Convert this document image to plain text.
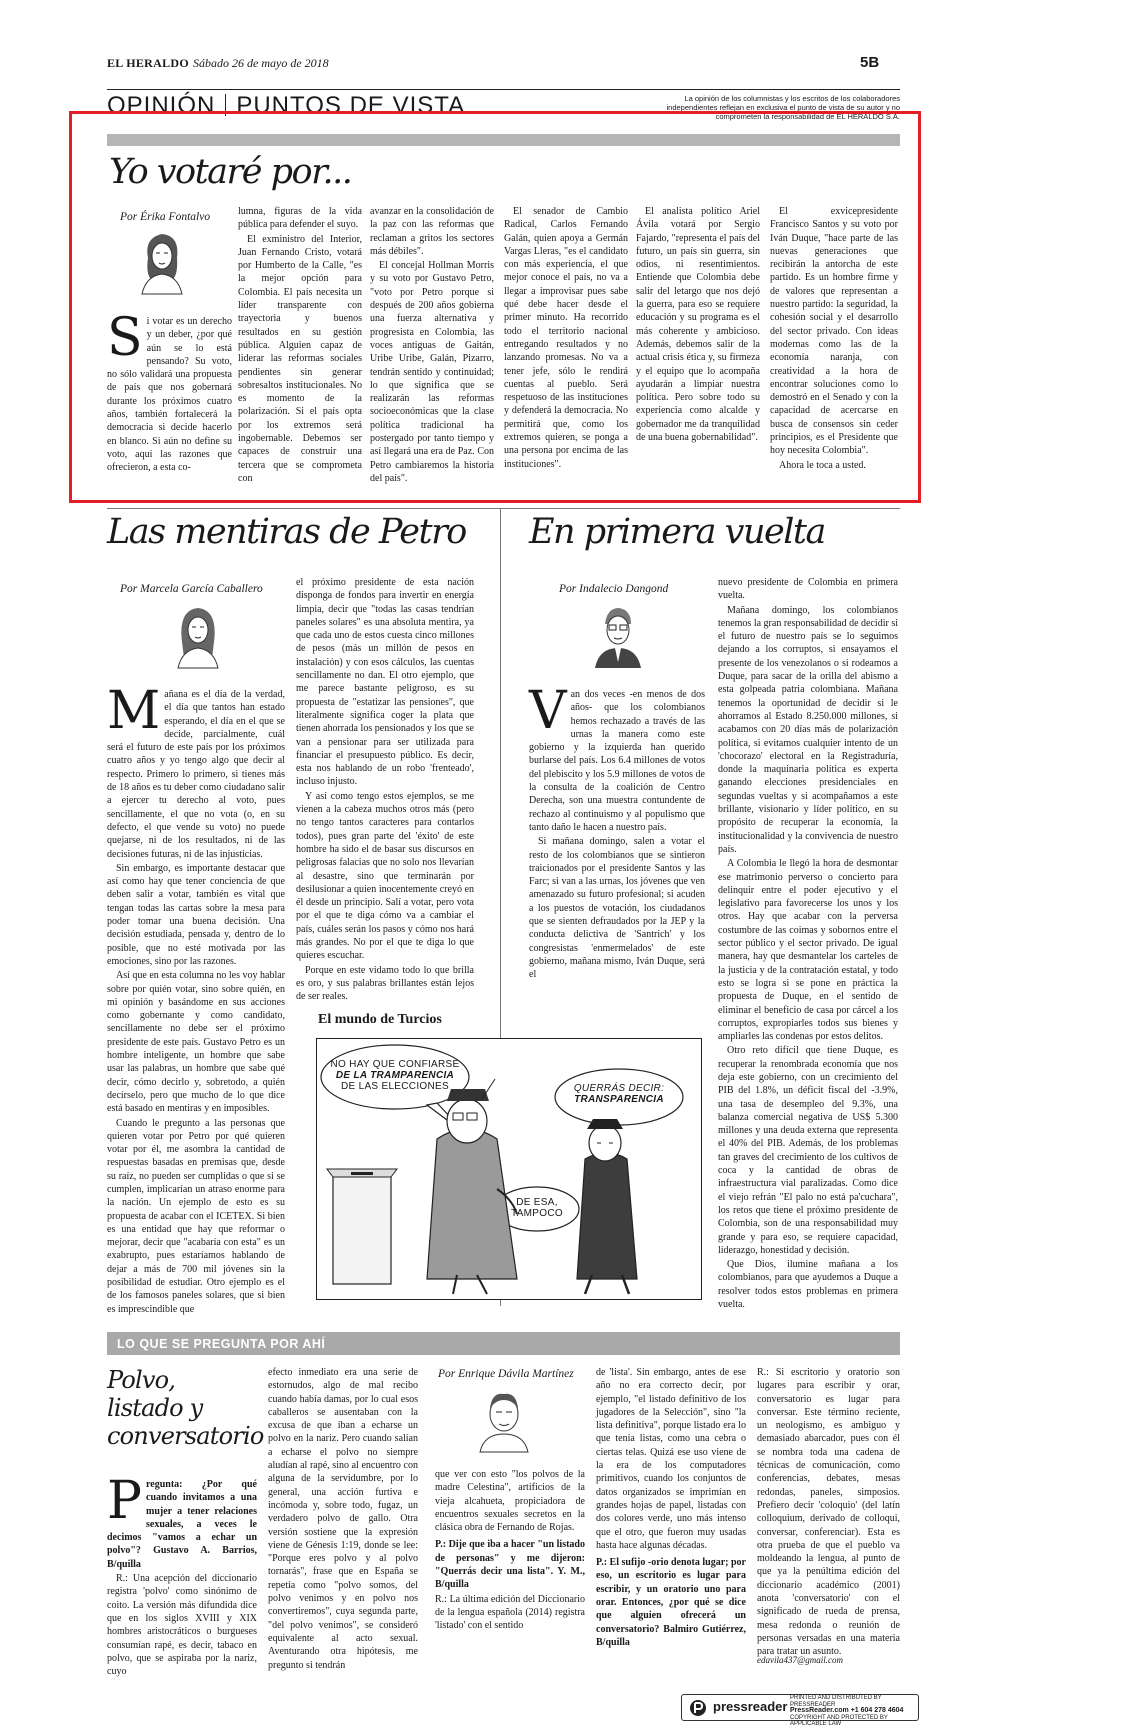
EL HERALDO Sábado 26 de mayo de 2018	5B
OPINIÓN PUNTOS DE VISTA	La opinión de los columnistas y los escritos de los colaboradores independientes reflejan en exclusiva el punto de vista de su autor y no comprometen la responsabilidad de EL HERALDO S.A.
Yo votaré por...
Por Érika Fontalvo
Si votar es un derecho y un deber, ¿por qué aún se lo está pensando? Su voto, no sólo validará una propuesta de país que nos gobernará durante los próximos cuatro años, también fortalecerá la democracia si decide hacerlo en blanco. Si aún no define su voto, aquí las razones que ofrecieron, a esta co-

lumna, figuras de la vida pública para defender el suyo.

El exministro del Interior, Juan Fernando Cristo, votará por Humberto de la Calle, "es la mejor opción para Colombia. El país necesita un líder transparente con trayectoria y buenos resultados en su gestión pública. Alguien capaz de liderar las reformas sociales pendientes sin generar sobresaltos institucionales. No es momento de la polarización. Si el país opta por los extremos será ingobernable. Debemos ser capaces de construir una tercera que se comprometa con

avanzar en la consolidación de la paz con las reformas que reclaman a gritos los sectores más débiles".

El concejal Hollman Morris y su voto por Gustavo Petro, "voto por Petro porque si después de 200 años gobierna una fuerza alternativa y progresista en Colombia, las voces antiguas de Gaitán, Uribe Uribe, Galán, Pizarro, tendrán sentido y continuidad; lo que significa que se realizarán las reformas socioeconómicas que la clase política tradicional ha postergado por tanto tiempo y así llegará una era de Paz. Con Petro cambiaremos la historia del país".

El senador de Cambio Radical, Carlos Fernando Galán, quien apoya a Germán Vargas Lleras, "es el candidato con más experiencia, el que mejor conoce el país, no va a llegar a improvisar pues sabe qué debe hacer desde el primer minuto. Ha recorrido todo el territorio nacional entregando resultados y no lanzando promesas. No va a tener jefe, sólo le rendirá cuentas al pueblo. Será respetuoso de las instituciones y defenderá la democracia. No permitirá que, como los extremos quieren, se ponga a una persona por encima de las instituciones".

El analista político Ariel Ávila votará por Sergio Fajardo, "representa el país del futuro, un país sin guerra, sin odios, ni resentimientos. Entiende que Colombia debe salir del letargo que nos dejó la guerra, para eso se requiere educación y su programa es el más coherente y ambicioso. Además, debemos salir de la actual crisis ética y, su firmeza y el equipo que lo acompaña ayudarán a limpiar nuestra política. Pero sobre todo su experiencia como alcalde y gobernador me da tranquilidad de una buena gobernabilidad".

El exvicepresidente Francisco Santos y su voto por Iván Duque, "hace parte de las nuevas generaciones que recibirán la antorcha de este partido. Es un hombre firme y de valores que representan a nuestro partido: la seguridad, la cohesión social y el desarrollo del sector privado. Con ideas modernas como las de la economía naranja, con creatividad a la hora de encontrar soluciones como lo demostró en el Senado y con la capacidad de acercarse en busca de consensos sin ceder principios, es el Presidente que hoy necesita Colombia".

Ahora le toca a usted.

Las mentiras de Petro
Por Marcela García Caballero

Mañana es el día de la verdad, el día que tantos han estado esperando, el día en el que se decide, parcialmente, cuál será el futuro de este país por los próximos cuatro años y yo tengo algo que decir al respecto. Primero lo primero, si tienes más de 18 años es tu deber como ciudadano salir a ejercer tu derecho al voto, pues sencillamente, el que no vota (o, en su defecto, el que vende su voto) no puede quejarse, ni de los resultados, ni de las decisiones futuras, ni de las injusticias.

Sin embargo, es importante destacar que así como hay que tener conciencia de que deben salir a votar, también es vital que tengan todas las cartas sobre la mesa para poder tomar una buena decisión. Una decisión estudiada, pensada y, dentro de lo posible, que no esté motivada por las emociones, sino por las razones.

Así que en esta columna no les voy hablar sobre por quién votar, sino sobre quién, en mi opinión y basándome en sus acciones como gobernante y como candidato, sencillamente no debe ser el próximo presidente de este país. Gustavo Petro es un hombre inteligente, un hombre que sabe usar las palabras, un hombre que sabe qué decir, cómo decirlo y, sobretodo, a quién decírselo, pero que mucho de lo que dice está basado en mentiras y en imposibles.

Cuando le pregunto a las personas que quieren votar por Petro por qué quieren votar por él, me asombra la cantidad de respuestas basadas en premisas que, desde su raíz, no pueden ser cumplidas o que si se cumplen, implicarían un atraso enorme para la nación. Un ejemplo de esto es su propuesta de acabar con el ICETEX. Si bien es una entidad que hay que reformar o mejorar, decir que "acabaría con esta" es un exabrupto, pues estaríamos hablando de dejar a más de 700 mil jóvenes sin la posibilidad de estudiar. Otro ejemplo es el de los famosos paneles solares, que si bien es imprescindible que

el próximo presidente de esta nación disponga de fondos para invertir en energía limpia, decir que "todas las casas tendrían paneles solares" es una absoluta mentira, ya que cada uno de estos cuesta cinco millones de pesos (más un millón de pesos en instalación) y con esos cálculos, las cuentas sencillamente no dan. El otro ejemplo, que me parece bastante peligroso, es su propuesta de "estatizar las pensiones", que literalmente significa coger la plata que tienen ahorrada los pensionados y los que se van a pensionar para ser utilizada para financiar el presupuesto público. Es decir, esta nos hablando de un robo 'frenteado', incluso injusto.

Y así como tengo estos ejemplos, se me vienen a la cabeza muchos otros más (pero no tengo tantos caracteres para contarlos todos), pues gran parte del 'éxito' de este hombre ha sido el de basar sus discursos en peligrosas falacias que no solo nos llevarían al desastre, sino que terminarán por desilusionar a quien inocentemente creyó en él desde un principio. Salí a votar, pero vota por el que te diga cómo va a cambiar el país, cuáles serán los pasos y cómo nos hará más grandes. No por el que te diga lo que quieres escuchar.

Porque en este vidamo todo lo que brilla es oro, y sus palabras brillantes están lejos de ser reales.

En primera vuelta
Por Indalecio Dangond

Van dos veces -en menos de dos años- que los colombianos hemos rechazado a través de las urnas la manera como este gobierno y la izquierda han querido burlarse del país. Los 6.4 millones de votos del plebiscito y los 5.9 millones de votos de la consulta de la coalición de Centro Derecha, son una muestra contundente de rechazo al continuismo y al populismo que tanto daño le hacen a nuestro país.

Si mañana domingo, salen a votar el resto de los colombianos que se sintieron traicionados por el presidente Santos y las Farc; si van a las urnas, los jóvenes que ven amenazado su futuro profesional; si acuden a los puestos de votación, los ciudadanos que se sienten defraudados por la JEP y la conducta delictiva de 'Santrich' y los congresistas 'enmermelados' de este gobierno, mañana mismo, Iván Duque, será el

nuevo presidente de Colombia en primera vuelta.

Mañana domingo, los colombianos tenemos la gran responsabilidad de decidir si el futuro de nuestro país se lo seguimos dejando a los corruptos, si ensayamos el presente de los venezolanos o si rodeamos a Duque, para sacar de la orilla del abismo a esta golpeada patria colombiana. Mañana tenemos la oportunidad de decidir si le ahorramos al Estado 8.250.000 millones, si acabamos con 20 días más de polarización política, si evitamos cualquier intento de un 'chocorazo' electoral en la Registraduría, donde la maquinaria política es experta ganando elecciones presidenciales en segundas vueltas y si acompañamos a este brillante, visionario y líder político, en su propósito de recuperar la economía, la institucionalidad y la convivencia de nuestro país.

A Colombia le llegó la hora de desmontar ese matrimonio perverso o concierto para delinquir entre el poder ejecutivo y el legislativo para favorecerse los unos y los otros. Hay que acabar con la perversa costumbre de las coimas y sobornos entre el sector público y el sector privado. De igual manera, hay que desmantelar los carteles de la justicia y de la contratación estatal, y todo esto se logra si se pone en práctica la propuesta de Duque, en el sentido de eliminar el beneficio de casa por cárcel a los corruptos, expropiarles todos sus bienes y ampliarles las condenas por estos delitos.

Otro reto difícil que tiene Duque, es recuperar la renombrada economía que nos deja este gobierno, con un crecimiento del PIB del 1.8%, un déficit fiscal del -3.9%, una tasa de desempleo del 9.3%, una balanza comercial negativa de US$ 5.300 millones y una deuda externa que representa el 40% del PIB. Además, de los problemas tan graves del crecimiento de los cultivos de coca y la cantidad de obras de infraestructura vial paralizadas. Como dice el viejo refrán "El palo no está pa'cuchara", los retos que tiene el próximo presidente de Colombia, son de una responsabilidad muy grande y para eso, se requiere capacidad, liderazgo, honestidad y decisión.

Que Dios, ilumine mañana a los colombianos, para que ayudemos a Duque a resolver todos estos problemas en primera vuelta.

El mundo de Turcios
NO HAY QUE CONFIARSE
DE LA TRAMPARENCIA
DE LAS ELECCIONES	QUERRÁS DECIR:
TRANSPARENCIA
DE ESA,
TAMPOCO
LO QUE SE PREGUNTA POR AHÍ
Polvo,
listado y
conversatorio

Pregunta: ¿Por qué cuando invitamos a una mujer a tener relaciones sexuales, a veces le decimos "vamos a echar un polvo"? Gustavo A. Barrios, B/quilla

R.: Una acepción del diccionario registra 'polvo' como sinónimo de coito. La versión más difundida dice que en los siglos XVIII y XIX hombres aristocráticos o burgueses consumían rapé, es decir, tabaco en polvo, que se aspiraba por la nariz, cuyo

efecto inmediato era una serie de estornudos, algo de mal recibo cuando había damas, por lo cual esos caballeros se ausentaban con la excusa de que iban a echarse un polvo en la nariz. Pero cuando salían a echarse el polvo no siempre aludían al rapé, sino al encuentro con alguna de la servidumbre, por lo general, una acción furtiva e incómoda y, sobre todo, fugaz, un verdadero polvo de gallo. Otra versión sostiene que la expresión viene de Génesis 1:19, donde se lee: "Porque eres polvo y al polvo tornarás", frase que en España se repetía como "polvo somos, del polvo venimos y en polvo nos convertiremos", cuya segunda parte, "del polvo venimos", se consideró equivalente al acto sexual. Aventurando otra hipótesis, me pregunto si tendrán

Por Enrique Dávila Martínez

que ver con esto "los polvos de la madre Celestina", artificios de la vieja alcahueta, propiciadora de encuentros sexuales secretos en la clásica obra de Fernando de Rojas.

P.: Dije que iba a hacer "un listado de personas" y me dijeron: "Querrás decir una lista". Y. M., B/quilla

R.: La última edición del Diccionario de la lengua española (2014) registra 'listado' con el sentido

de 'lista'. Sin embargo, antes de ese año no era correcto decir, por ejemplo, "el listado definitivo de los jugadores de la Selección", sino "la lista definitiva", porque listado era lo que tenía listas, como una cebra o ciertas telas. Quizá ese uso viene de la era de los computadores primitivos, cuando los conjuntos de datos organizados se imprimían en grandes hojas de papel, listadas con dos colores verde, uno más intenso que el otro, que fueron muy usadas hasta hace algunas décadas.

P.: El sufijo -orio denota lugar; por eso, un escritorio es lugar para escribir, y un oratorio uno para orar. Entonces, ¿por qué se dice que alguien ofrecerá un conversatorio? Balmiro Gutiérrez, B/quilla

R.: Si escritorio y oratorio son lugares para escribir y orar, conversatorio es lugar para conversar. Este término reciente, un neologismo, es ambiguo y demasiado abarcador, pues con él se nombra toda una cadena de técnicas de comunicación, como conferencias, debates, mesas redondas, paneles, simposios. Prefiero decir 'coloquio' (del latín colloquium, derivado de colloqui, conversar, conferenciar). Esta es otra prueba de que el pueblo va moldeando la lengua, al punto de que ya la penúltima edición del diccionario académico (2001) anota 'conversatorio' con el significado de rueda de prensa, mesa redonda o reunión de personas versadas en una materia para tratar un asunto.

edavila437@gmail.com
pressreader
PRINTED AND DISTRIBUTED BY PRESSREADER
PressReader.com +1 604 278 4604
COPYRIGHT AND PROTECTED BY APPLICABLE LAW
